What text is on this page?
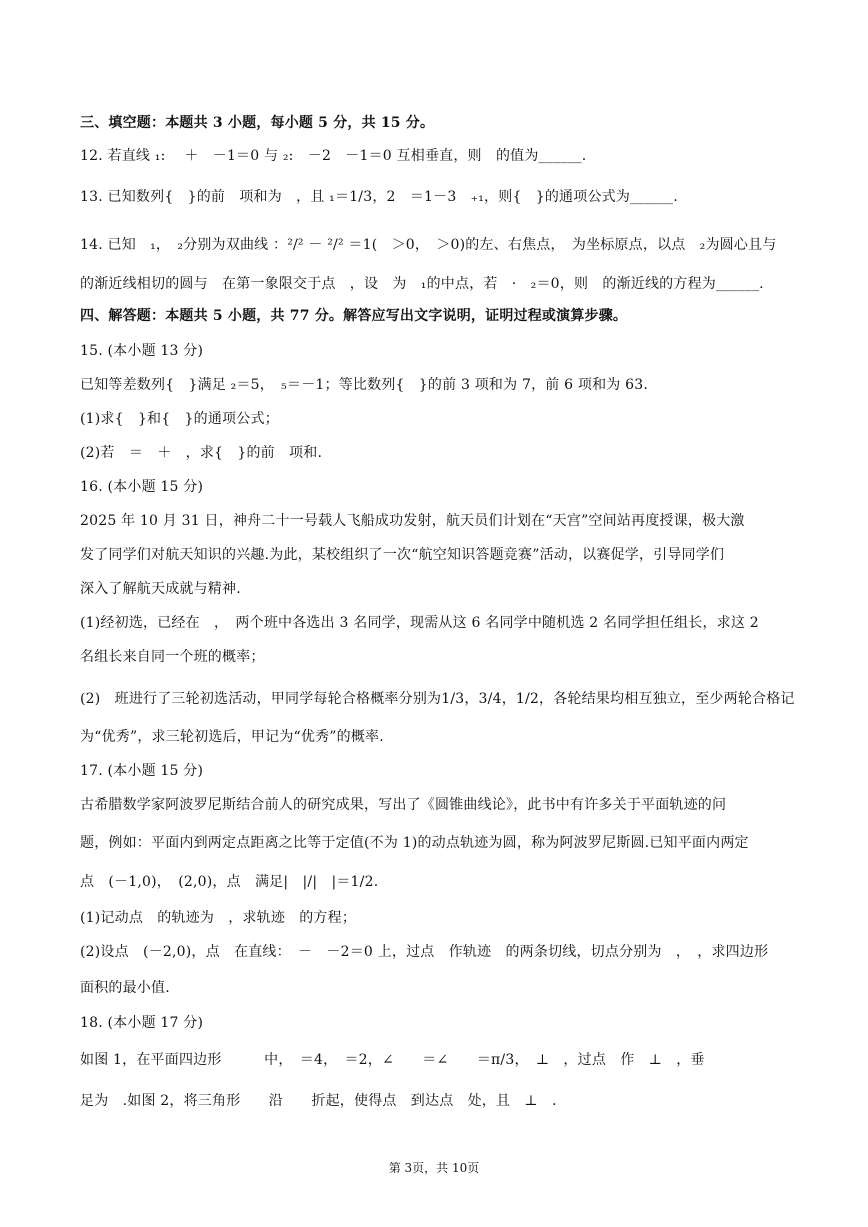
三、填空题：本题共 3 小题，每小题 5 分，共 15 分。
12. 若直线 ₁:　 ＋　－1＝0 与 ₂:　－2　－1＝0 互相垂直，则　的值为______.
13. 已知数列{　}的前　项和为　，且 ₁＝1/3，2　＝1－3　₊₁，则{　}的通项公式为______.
14. 已知　₁，　₂分别为双曲线 ：²/² － ²/² ＝1(　＞0，　＞0)的左、右焦点，　为坐标原点，以点　₂为圆心且与
的渐近线相切的圆与　在第一象限交于点　，设　为　₁的中点，若　·　₂＝0，则　的渐近线的方程为______.
四、解答题：本题共 5 小题，共 77 分。解答应写出文字说明，证明过程或演算步骤。
15. (本小题 13 分)
已知等差数列{　}满足 ₂＝5，　₅＝－1；等比数列{　}的前 3 项和为 7，前 6 项和为 63.
(1)求{　}和{　}的通项公式；
(2)若　＝　＋　，求{　}的前　项和.
16. (本小题 15 分)
2025 年 10 月 31 日，神舟二十一号载人飞船成功发射，航天员们计划在“天宫”空间站再度授课，极大激
发了同学们对航天知识的兴趣.为此，某校组织了一次“航空知识答题竞赛”活动，以赛促学，引导同学们
深入了解航天成就与精神.
(1)经初选，已经在　，　两个班中各选出 3 名同学，现需从这 6 名同学中随机选 2 名同学担任组长，求这 2
名组长来自同一个班的概率；
(2)　班进行了三轮初选活动，甲同学每轮合格概率分别为1/3，3/4，1/2，各轮结果均相互独立，至少两轮合格记
为“优秀”，求三轮初选后，甲记为“优秀”的概率.
17. (本小题 15 分)
古希腊数学家阿波罗尼斯结合前人的研究成果，写出了《圆锥曲线论》，此书中有许多关于平面轨迹的问
题，例如：平面内到两定点距离之比等于定值(不为 1)的动点轨迹为圆，称为阿波罗尼斯圆.已知平面内两定
点　(－1,0)，　(2,0)，点　满足|　|/|　|＝1/2.
(1)记动点　的轨迹为　，求轨迹　的方程；
(2)设点　(－2,0)，点　在直线：　－　－2＝0 上，过点　作轨迹　的两条切线，切点分别为　，　，求四边形
面积的最小值.
18. (本小题 17 分)
如图 1，在平面四边形　　　中，　＝4，　＝2，∠　　＝∠　　＝π/3，　⊥　，过点　作　⊥　，垂
足为　.如图 2，将三角形　　沿　　折起，使得点　到达点　处，且　⊥　.
第 3页，共 10页
